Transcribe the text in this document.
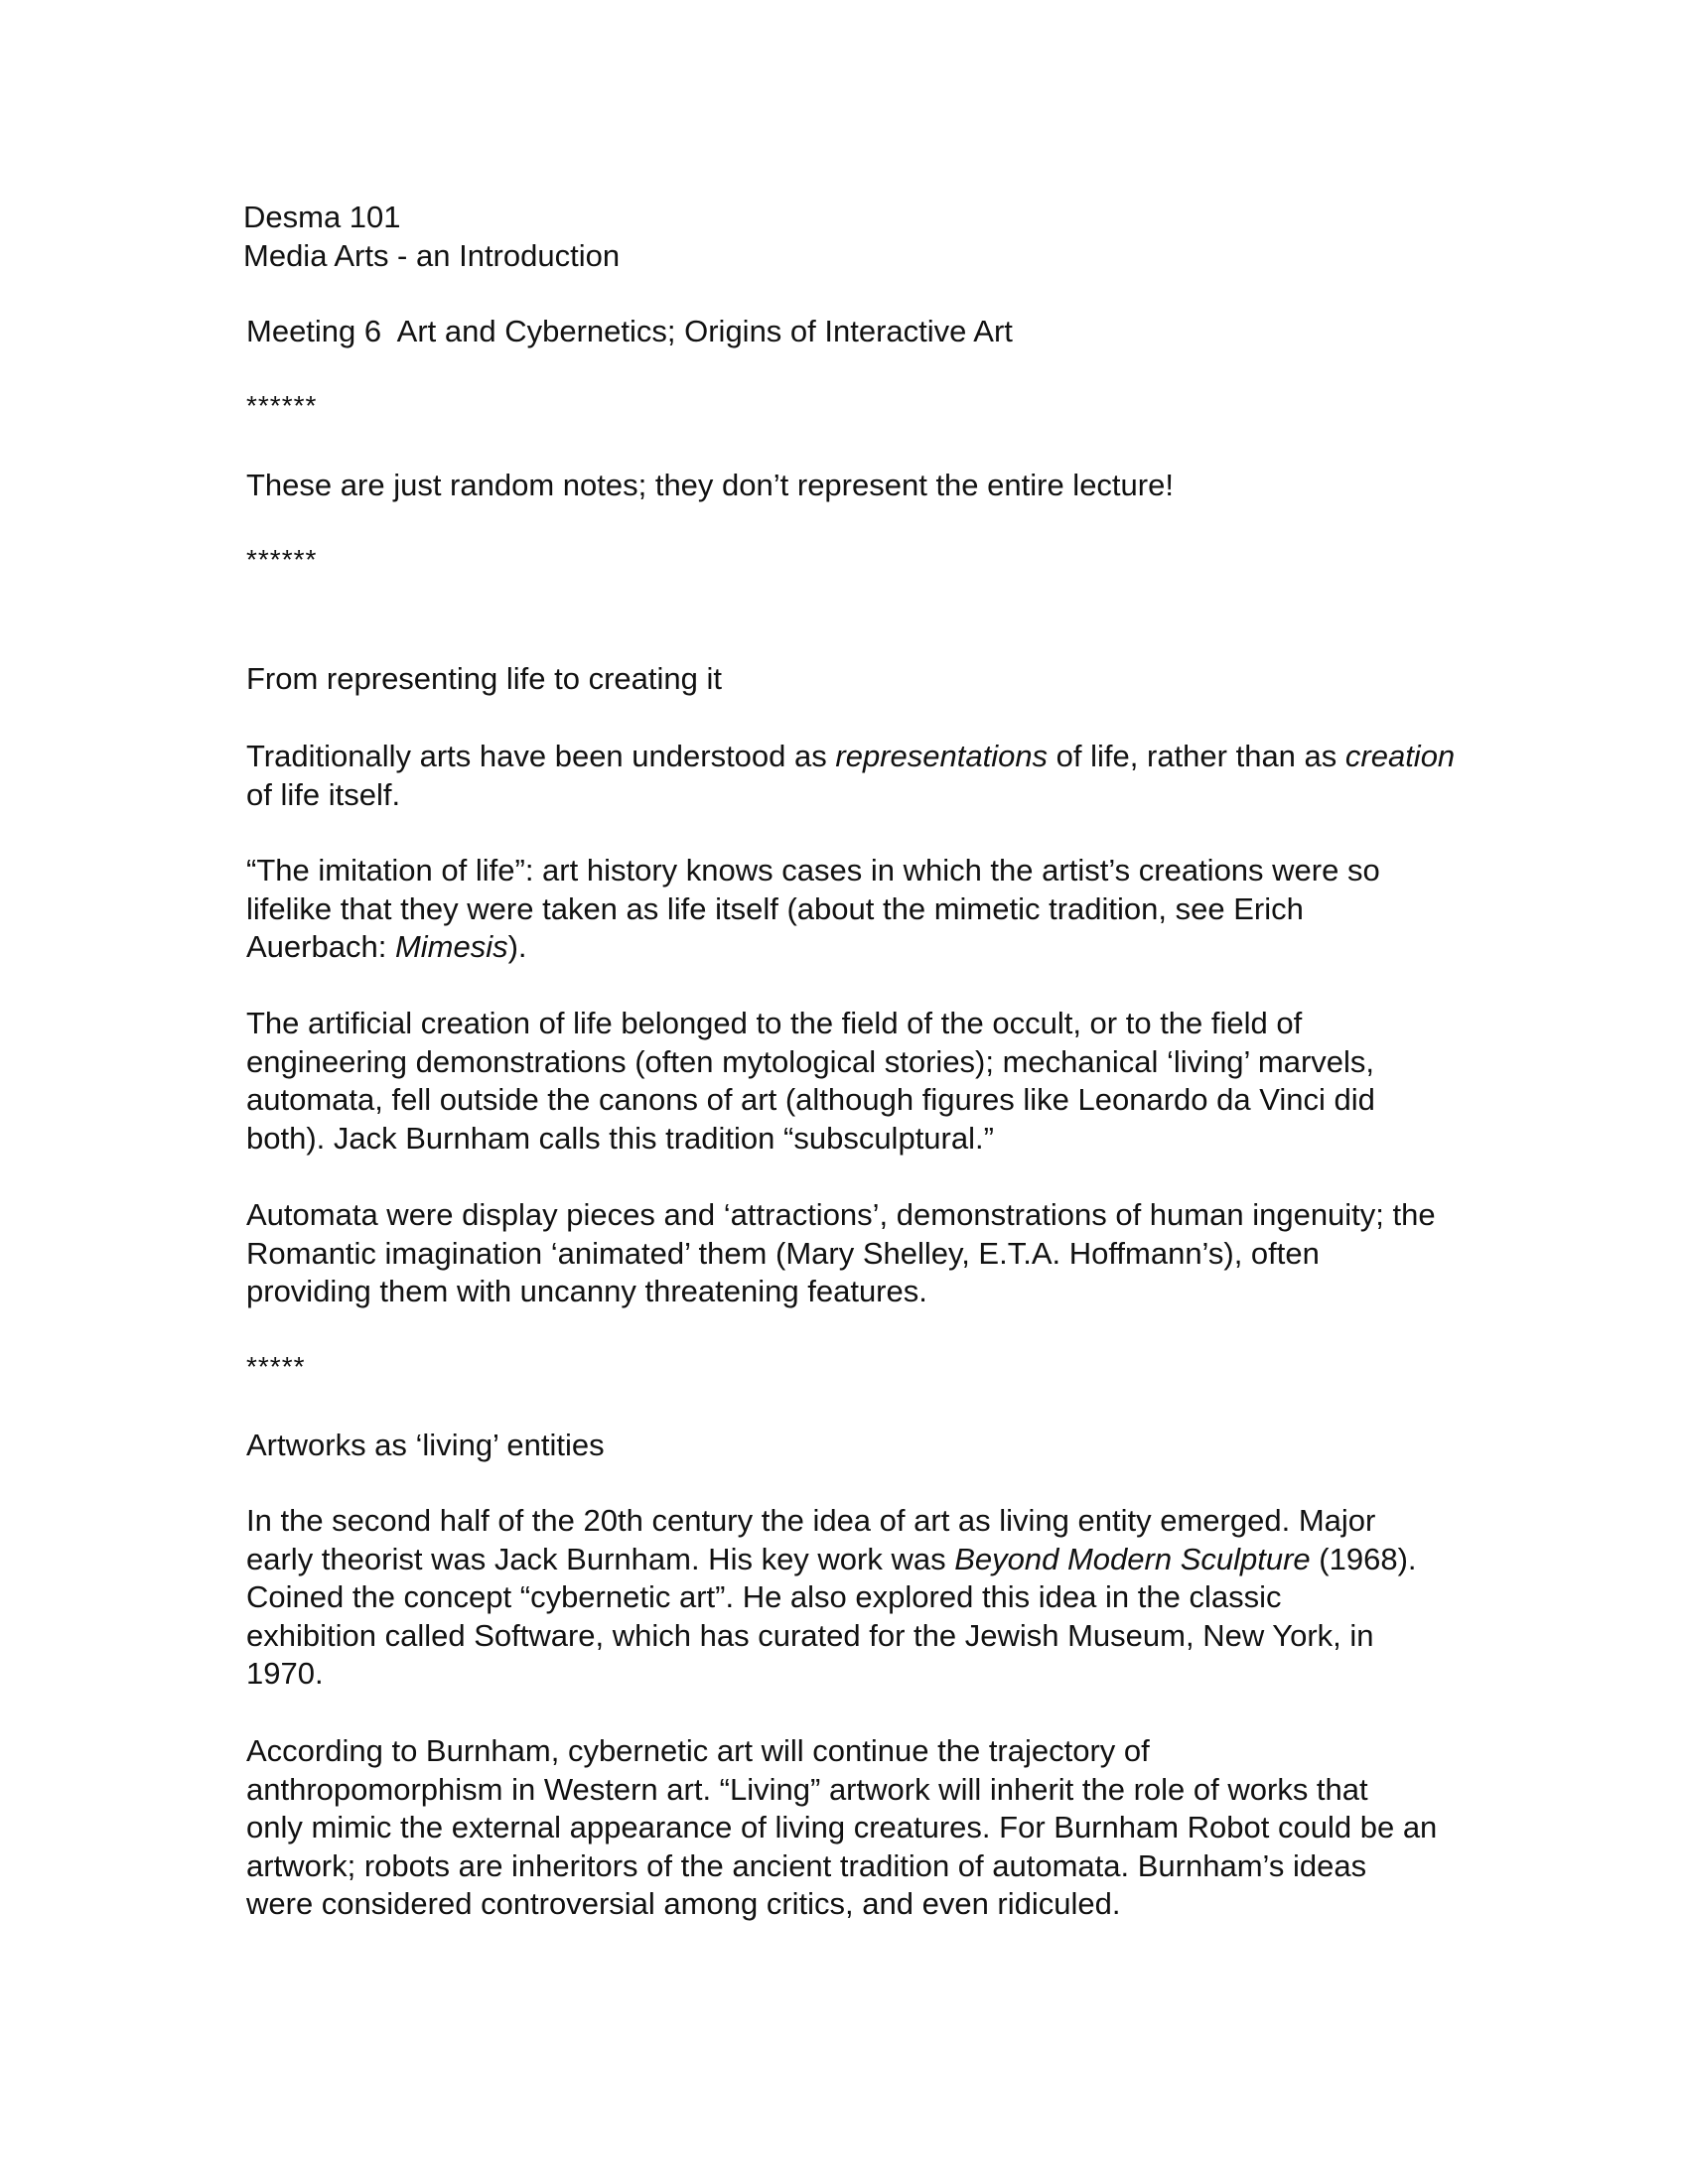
Desma 101
Media Arts - an Introduction
Meeting 6  Art and Cybernetics; Origins of Interactive Art
******
These are just random notes; they don’t represent the entire lecture!
******
From representing life to creating it
Traditionally arts have been understood as representations of life, rather than as creation
of life itself.
“The imitation of life”: art history knows cases in which the artist’s creations were so
lifelike that they were taken as life itself (about the mimetic tradition, see Erich
Auerbach: Mimesis).
The artificial creation of life belonged to the field of the occult, or to the field of
engineering demonstrations (often mytological stories); mechanical ‘living’ marvels,
automata, fell outside the canons of art (although figures like Leonardo da Vinci did
both). Jack Burnham calls this tradition “subsculptural.”
Automata were display pieces and ‘attractions’, demonstrations of human ingenuity; the
Romantic imagination ‘animated’ them (Mary Shelley, E.T.A. Hoffmann’s), often
providing them with uncanny threatening features.
*****
Artworks as ‘living’ entities
In the second half of the 20th century the idea of art as living entity emerged. Major
early theorist was Jack Burnham. His key work was Beyond Modern Sculpture (1968).
Coined the concept “cybernetic art”. He also explored this idea in the classic
exhibition called Software, which has curated for the Jewish Museum, New York, in
1970.
According to Burnham, cybernetic art will continue the trajectory of
anthropomorphism in Western art. “Living” artwork will inherit the role of works that
only mimic the external appearance of living creatures. For Burnham Robot could be an
artwork; robots are inheritors of the ancient tradition of automata. Burnham’s ideas
were considered controversial among critics, and even ridiculed.
